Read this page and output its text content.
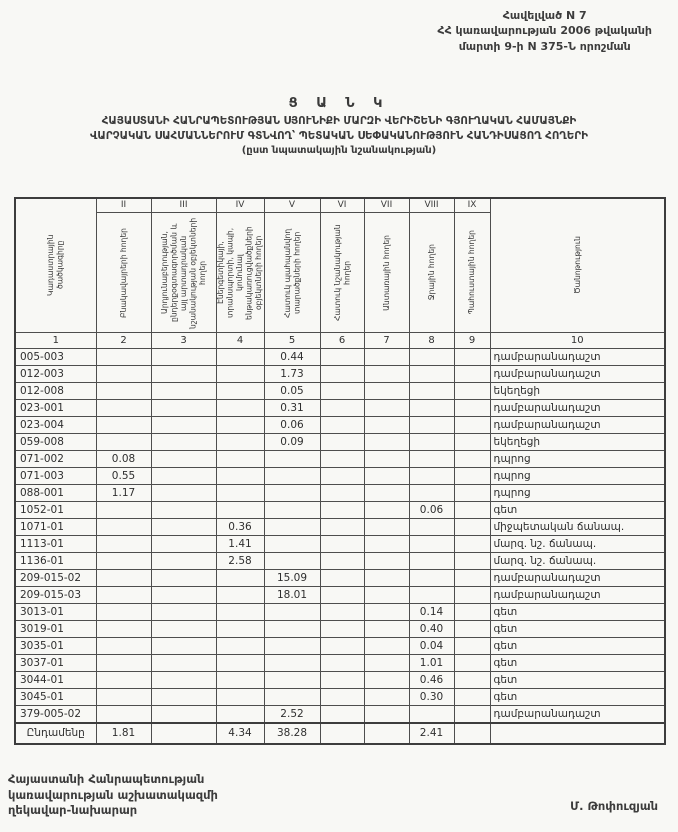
Հավելված N 7
ՀՀ կառավարության 2006 թվականի
մարտի 9-ի N 375-Ն որոշման
Ց Ա Ն Կ
ՀԱՅԱՍՏԱՆԻ ՀԱՆՐԱՊԵՏՈՒԹՅԱՆ ՍՅՈՒՆԻՔԻ ՄԱՐԶԻ ՎԵՐԻՇԵՆԻ ԳՅՈՒՂԱԿԱՆ ՀԱՄԱՅՆՔԻ
ՎԱՐՉԱԿԱՆ ՍԱՀՄԱՆՆԵՐՈՒՄ ԳՏՆՎՈՂ՝ ՊԵՏԱԿԱՆ ՍԵՓԱԿԱՆՈՒԹՅՈՒՆ ՀԱՆԴԻՍԱՑՈՂ ՀՈՂԵՐԻ
(ըստ նպատակային նշանակության)
Կադաստրային ծածկագիրը

II
Բնակավայրերի հողեր

III
Արդյունաբերության, ընդերքօգտագործման և այլ արտադրական նշանակության օբյեկտների հողեր

IV
Էներգետիկայի, տրանսպորտի, կապի, կոմունալ ենթակառուցվածքների օբյեկտների հողեր

V
Հատուկ պահպանվող տարածքների հողեր

VI
Հատուկ նշանակության հողեր

VII
Անտառային հողեր

VIII
Ջրային հողեր

IX
Պահուստային հողեր	Ծանոթություն

1	2	3	4	5	6	7	8	9	10
005-003				0.44					դամբարանադաշտ
012-003				1.73					դամբարանադաշտ
012-008				0.05					եկեղեցի
023-001				0.31					դամբարանադաշտ
023-004				0.06					դամբարանադաշտ
059-008				0.09					եկեղեցի
071-002	0.08								դպրոց
071-003	0.55								դպրոց
088-001	1.17								դպրոց
1052-01							0.06		գետ
1071-01			0.36						միջպետական ճանապ.
1113-01			1.41						մարզ. նշ. ճանապ.
1136-01			2.58						մարզ. նշ. ճանապ.
209-015-02				15.09					դամբարանադաշտ
209-015-03				18.01					դամբարանադաշտ
3013-01							0.14		գետ
3019-01							0.40		գետ
3035-01							0.04		գետ
3037-01							1.01		գետ
3044-01							0.46		գետ
3045-01							0.30		գետ
379-005-02				2.52					դամբարանադաշտ
Ընդամենը	1.81		4.34	38.28			2.41		
Հայաստանի Հանրապետության
կառավարության աշխատակազմի
ղեկավար-նախարար	Մ. Թոփուզյան
